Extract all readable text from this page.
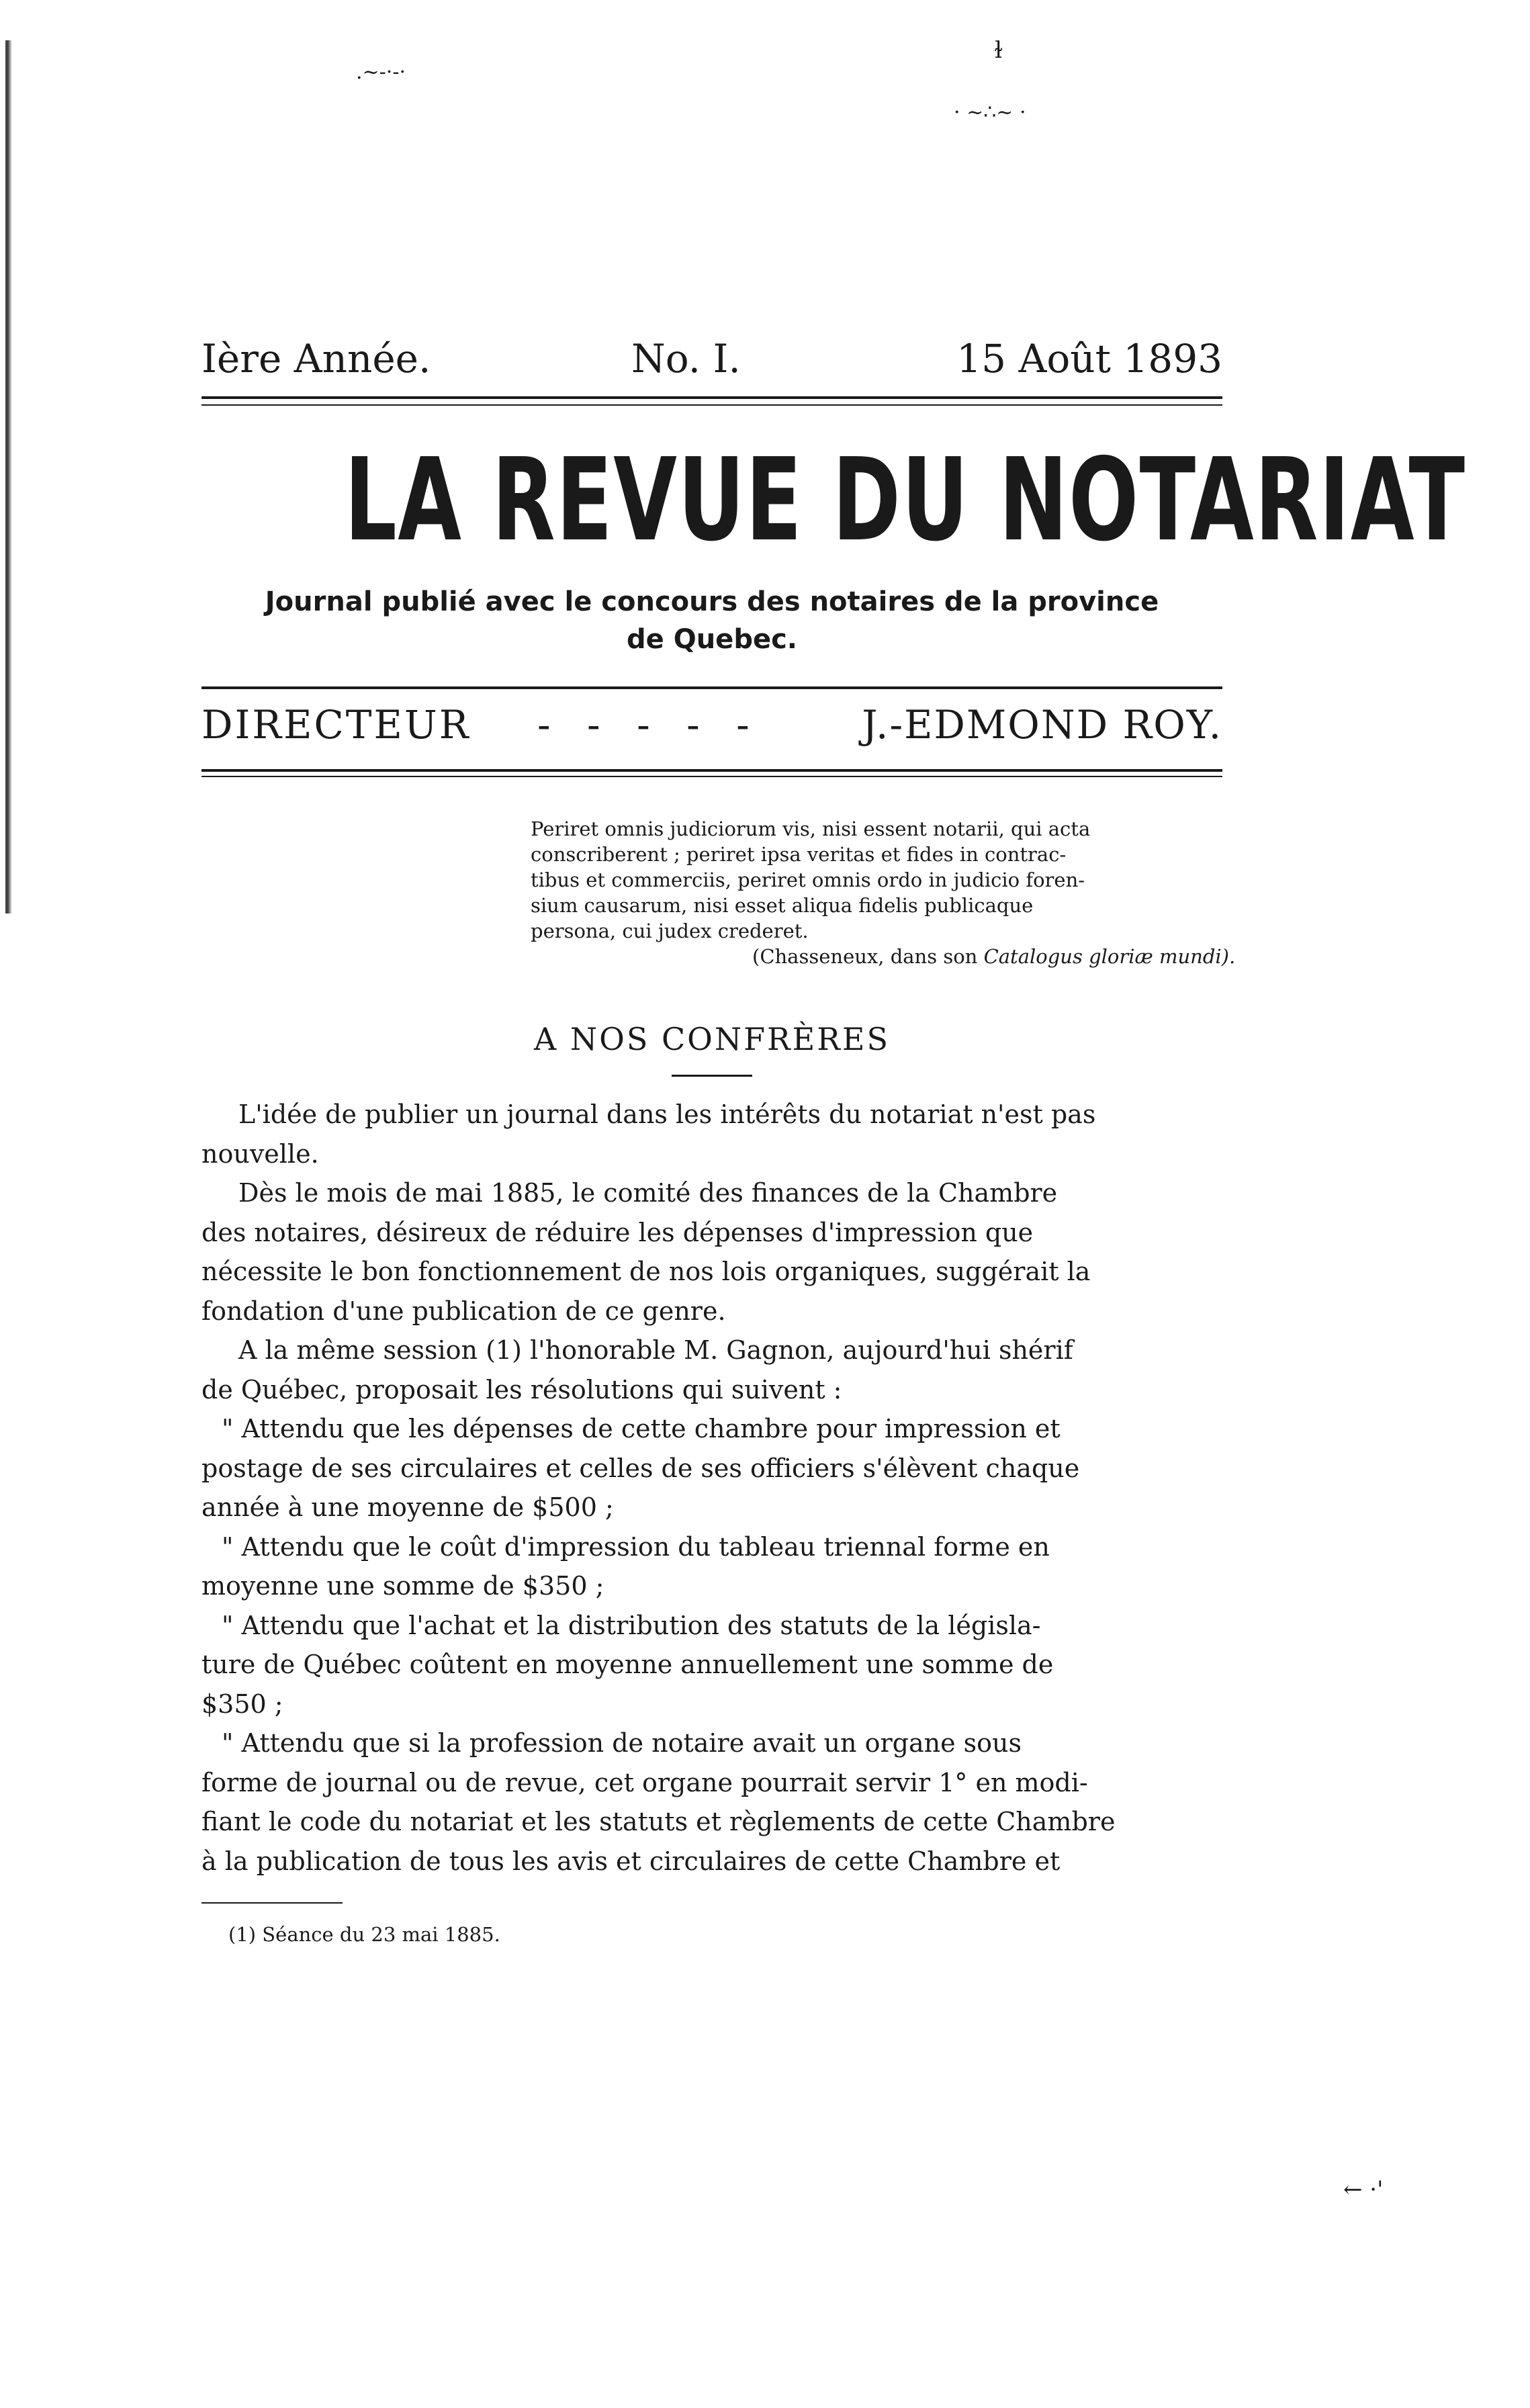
.~-·-·
ɫ
· ~∴~ ·
← ·'
Ière Année.	No. I.	15 Août 1893
LA REVUE DU NOTARIAT
Journal publié avec le concours des notaires de la province
de Quebec.
DIRECTEUR - - - - -	J.-EDMOND ROY.
Periret omnis judiciorum vis, nisi essent notarii, qui acta
conscriberent ; periret ipsa veritas et fides in contrac-
tibus et commerciis, periret omnis ordo in judicio foren-
sium causarum, nisi esset aliqua fidelis publicaque
persona, cui judex crederet.
(Chasseneux, dans son Catalogus gloriæ mundi).
A NOS CONFRÈRES
L'idée de publier un journal dans les intérêts du notariat n'est pas
nouvelle.
Dès le mois de mai 1885, le comité des finances de la Chambre
des notaires, désireux de réduire les dépenses d'impression que
nécessite le bon fonctionnement de nos lois organiques, suggérait la
fondation d'une publication de ce genre.
A la même session (1) l'honorable M. Gagnon, aujourd'hui shérif
de Québec, proposait les résolutions qui suivent :
" Attendu que les dépenses de cette chambre pour impression et
postage de ses circulaires et celles de ses officiers s'élèvent chaque
année à une moyenne de $500 ;
" Attendu que le coût d'impression du tableau triennal forme en
moyenne une somme de $350 ;
" Attendu que l'achat et la distribution des statuts de la législa-
ture de Québec coûtent en moyenne annuellement une somme de
$350 ;
" Attendu que si la profession de notaire avait un organe sous
forme de journal ou de revue, cet organe pourrait servir 1° en modi-
fiant le code du notariat et les statuts et règlements de cette Chambre
à la publication de tous les avis et circulaires de cette Chambre et
(1) Séance du 23 mai 1885.
